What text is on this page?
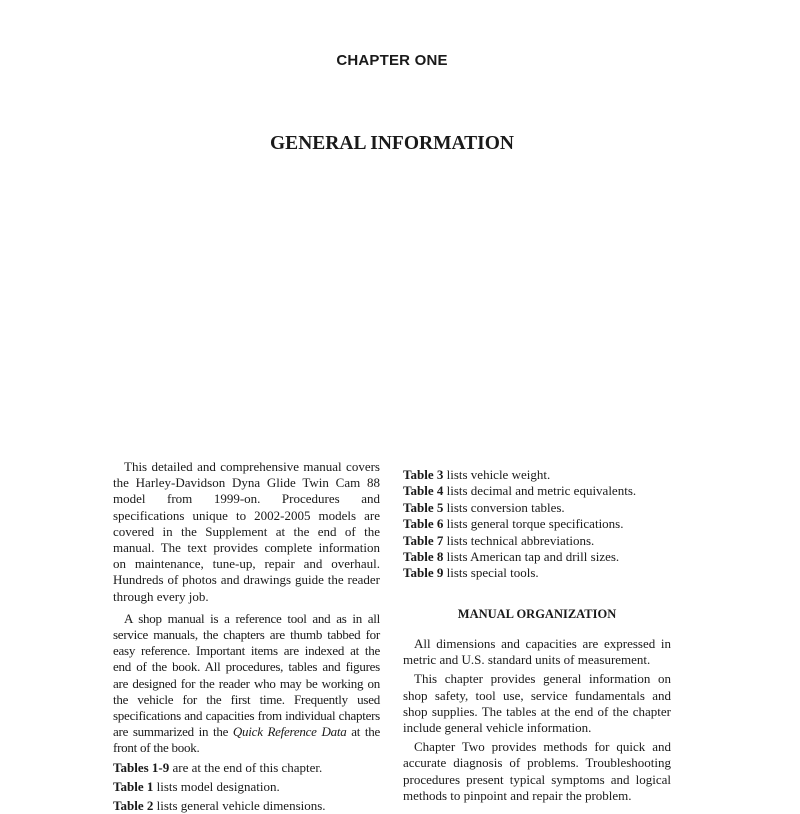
CHAPTER ONE
GENERAL INFORMATION

This detailed and comprehensive manual covers the Harley-Davidson Dyna Glide Twin Cam 88 model from 1999-on. Procedures and specifications unique to 2002-2005 models are covered in the Supplement at the end of the manual. The text provides complete information on maintenance, tune-up, repair and overhaul. Hundreds of photos and drawings guide the reader through every job.

A shop manual is a reference tool and as in all service manuals, the chapters are thumb tabbed for easy reference. Important items are indexed at the end of the book. All procedures, tables and figures are designed for the reader who may be working on the vehicle for the first time. Frequently used specifications and capacities from individual chapters are summarized in the Quick Reference Data at the front of the book.

Tables 1-9 are at the end of this chapter.

Table 1 lists model designation.

Table 2 lists general vehicle dimensions.

Table 3 lists vehicle weight.

Table 4 lists decimal and metric equivalents.

Table 5 lists conversion tables.

Table 6 lists general torque specifications.

Table 7 lists technical abbreviations.

Table 8 lists American tap and drill sizes.

Table 9 lists special tools.

MANUAL ORGANIZATION

All dimensions and capacities are expressed in metric and U.S. standard units of measurement.

This chapter provides general information on shop safety, tool use, service fundamentals and shop supplies. The tables at the end of the chapter include general vehicle information.

Chapter Two provides methods for quick and accurate diagnosis of problems. Troubleshooting procedures present typical symptoms and logical methods to pinpoint and repair the problem.
